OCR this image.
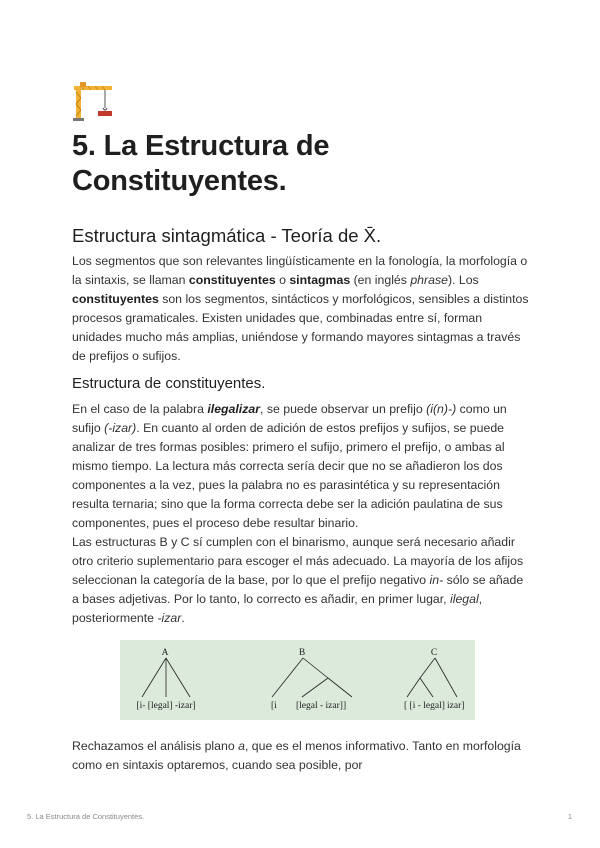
5. La Estructura de Constituyentes.
Estructura sintagmática - Teoría de X̄.

Los segmentos que son relevantes lingüísticamente en la fonología, la morfología o la sintaxis, se llaman constituyentes o sintagmas (en inglés phrase). Los constituyentes son los segmentos, sintácticos y morfológicos, sensibles a distintos procesos gramaticales. Existen unidades que, combinadas entre sí, forman unidades mucho más amplias, uniéndose y formando mayores sintagmas a través de prefijos o sufijos.

Estructura de constituyentes.

En el caso de la palabra ilegalizar, se puede observar un prefijo (i(n)-) como un sufijo (-izar). En cuanto al orden de adición de estos prefijos y sufijos, se puede analizar de tres formas posibles: primero el sufijo, primero el prefijo, o ambas al mismo tiempo. La lectura más correcta sería decir que no se añadieron los dos componentes a la vez, pues la palabra no es parasintética y su representación resulta ternaria; sino que la forma correcta debe ser la adición paulatina de sus componentes, pues el proceso debe resultar binario.

Las estructuras B y C sí cumplen con el binarismo, aunque será necesario añadir otro criterio suplementario para escoger el más adecuado. La mayoría de los afijos seleccionan la categoría de la base, por lo que el prefijo negativo in- sólo se añade a bases adjetivas. Por lo tanto, lo correcto es añadir, en primer lugar, ilegal, posteriormente -izar.

A
[i- [legal] -izar]
B
[i [legal - izar]]
C
[ [i - legal] izar]

Rechazamos el análisis plano a, que es el menos informativo. Tanto en morfología como en sintaxis optaremos, cuando sea posible, por

5. La Estructura de Constituyentes.	1
